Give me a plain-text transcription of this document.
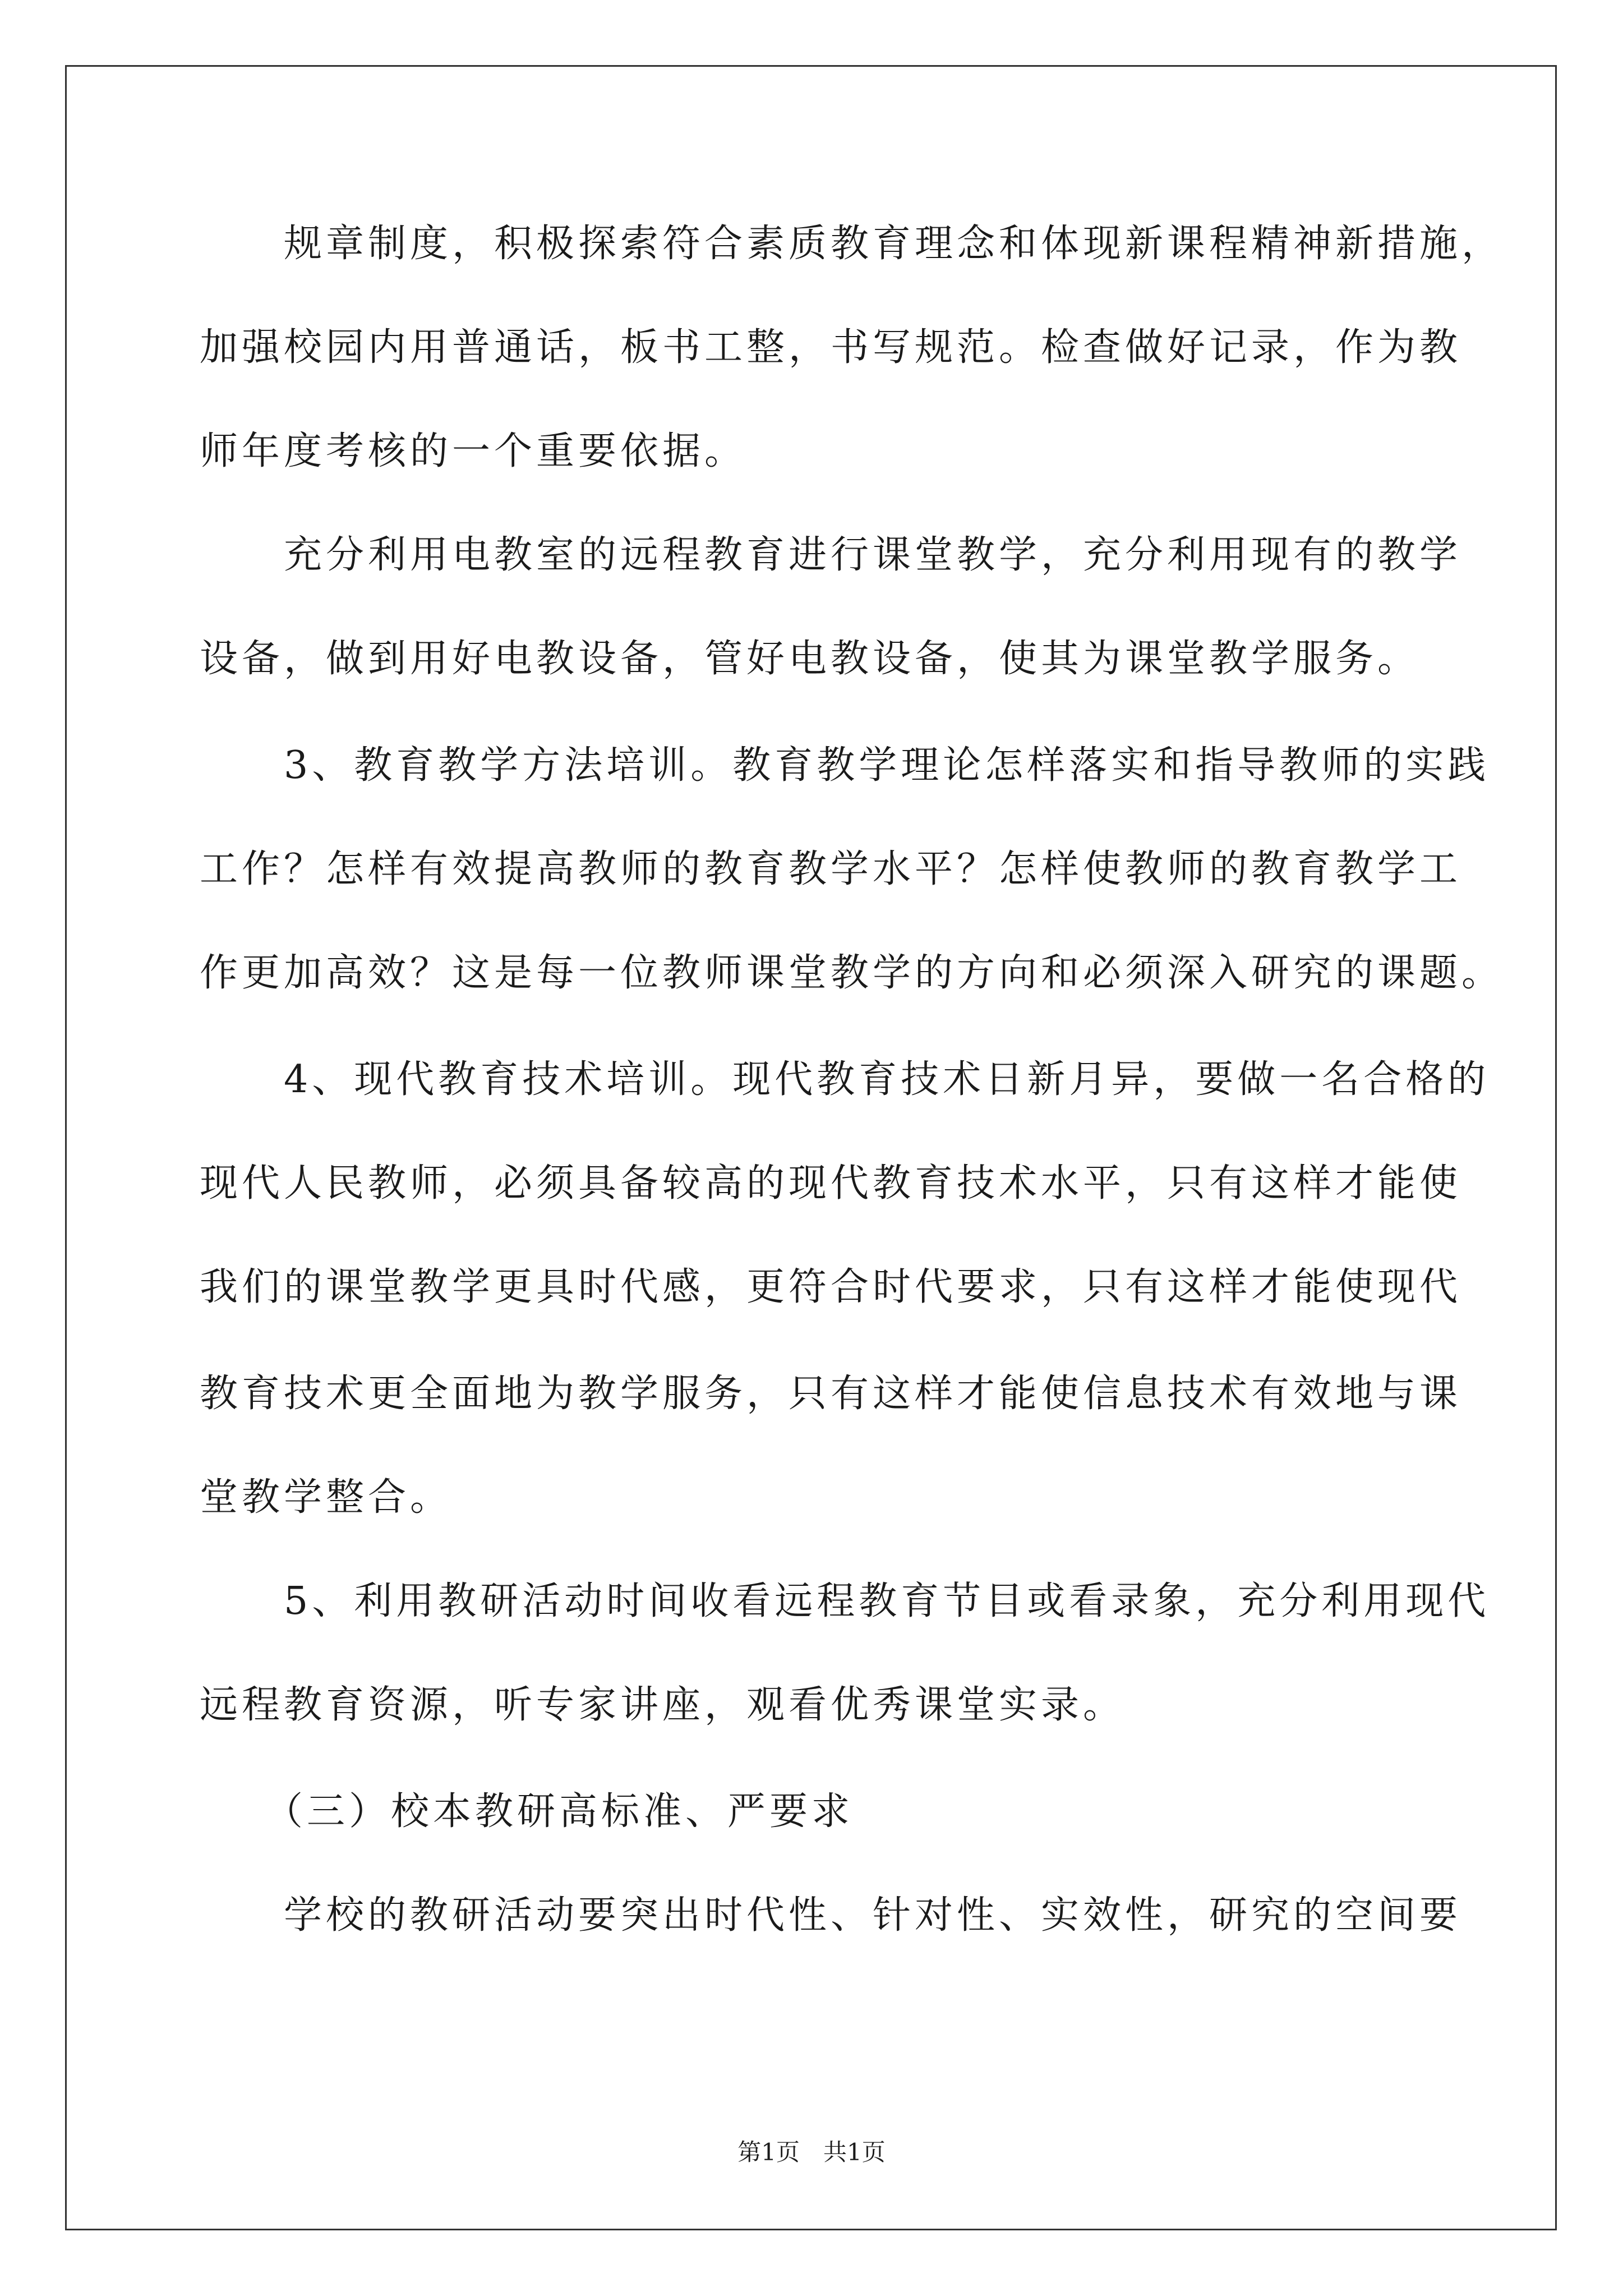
　　规章制度，积极探索符合素质教育理念和体现新课程精神新措施，
加强校园内用普通话，板书工整，书写规范。检查做好记录，作为教
师年度考核的一个重要依据。
　　充分利用电教室的远程教育进行课堂教学，充分利用现有的教学
设备，做到用好电教设备，管好电教设备，使其为课堂教学服务。
　　3、教育教学方法培训。教育教学理论怎样落实和指导教师的实践
工作？怎样有效提高教师的教育教学水平？怎样使教师的教育教学工
作更加高效？这是每一位教师课堂教学的方向和必须深入研究的课题。
　　4、现代教育技术培训。现代教育技术日新月异，要做一名合格的
现代人民教师，必须具备较高的现代教育技术水平，只有这样才能使
我们的课堂教学更具时代感，更符合时代要求，只有这样才能使现代
教育技术更全面地为教学服务，只有这样才能使信息技术有效地与课
堂教学整合。
　　5、利用教研活动时间收看远程教育节目或看录象，充分利用现代
远程教育资源，听专家讲座，观看优秀课堂实录。
　　（三）校本教研高标准、严要求
　　学校的教研活动要突出时代性、针对性、实效性，研究的空间要
第1页　共1页
